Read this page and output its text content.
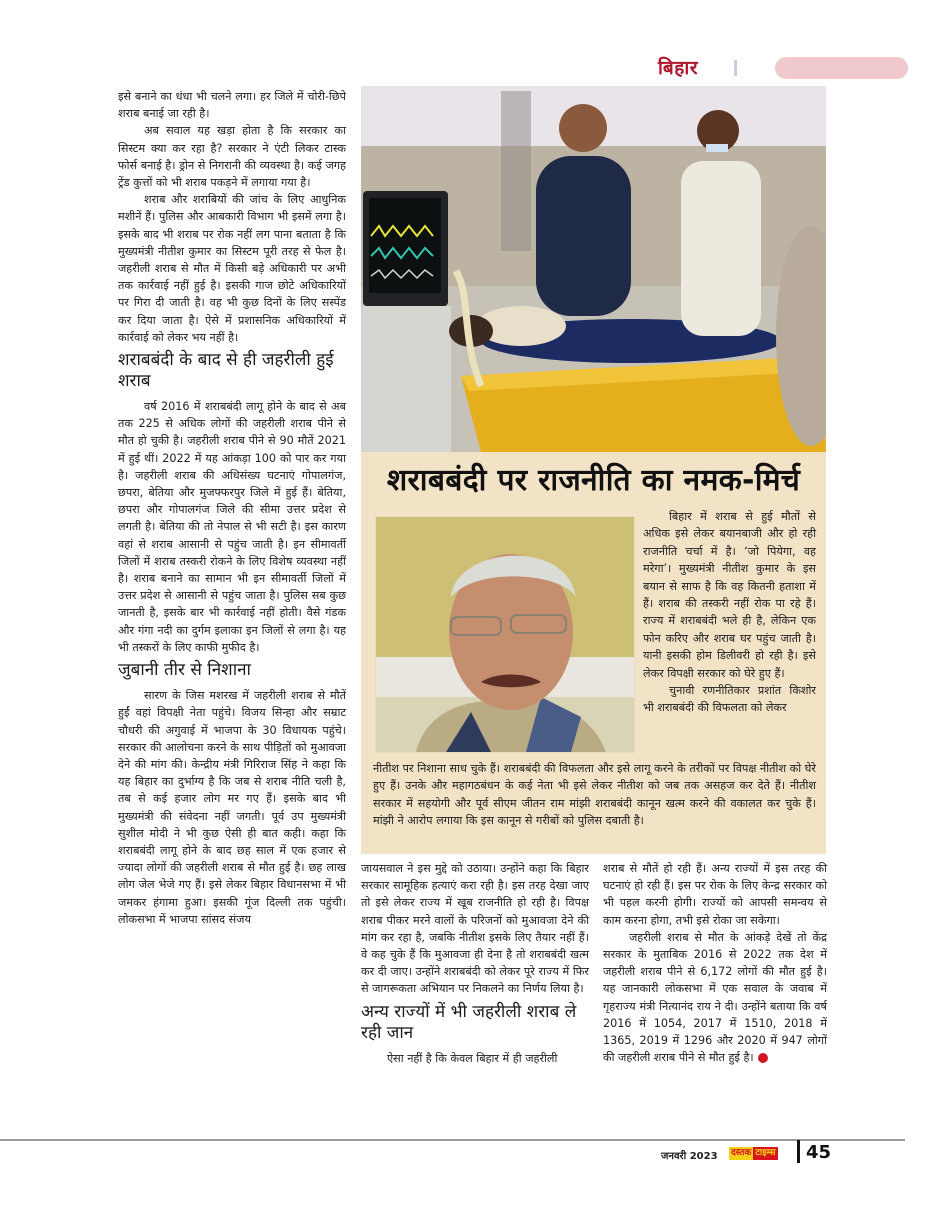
बिहार

इसे बनाने का धंधा भी चलने लगा। हर जिले में चोरी-छिपे शराब बनाई जा रही है।

अब सवाल यह खड़ा होता है कि सरकार का सिस्टम क्या कर रहा है? सरकार ने एंटी लिकर टास्क फोर्स बनाई है। ड्रोन से निगरानी की व्यवस्था है। कई जगह ट्रेंड कुत्तों को भी शराब पकड़ने में लगाया गया है।

शराब और शराबियों की जांच के लिए आधुनिक मशीनें हैं। पुलिस और आबकारी विभाग भी इसमें लगा है। इसके बाद भी शराब पर रोक नहीं लग पाना बताता है कि मुख्यमंत्री नीतीश कुमार का सिस्टम पूरी तरह से फेल है। जहरीली शराब से मौत में किसी बड़े अधिकारी पर अभी तक कार्रवाई नहीं हुई है। इसकी गाज छोटे अधिकारियों पर गिरा दी जाती है। वह भी कुछ दिनों के लिए सस्पेंड कर दिया जाता है। ऐसे में प्रशासनिक अधिकारियों में कार्रवाई को लेकर भय नहीं है।

शराबबंदी के बाद से ही जहरीली हुई शराब

वर्ष 2016 में शराबबंदी लागू होने के बाद से अब तक 225 से अधिक लोगों की जहरीली शराब पीने से मौत हो चुकी है। जहरीली शराब पीने से 90 मौतें 2021 में हुई थीं। 2022 में यह आंकड़ा 100 को पार कर गया है। जहरीली शराब की अधिसंख्य घटनाएं गोपालगंज, छपरा, बेतिया और मुजफ्फरपुर जिले में हुई हैं। बेतिया, छपरा और गोपालगंज जिले की सीमा उत्तर प्रदेश से लगती है। बेतिया की तो नेपाल से भी सटी है। इस कारण वहां से शराब आसानी से पहुंच जाती है। इन सीमावर्ती जिलों में शराब तस्करी रोकने के लिए विशेष व्यवस्था नहीं है। शराब बनाने का सामान भी इन सीमावर्ती जिलों में उत्तर प्रदेश से आसानी से पहुंच जाता है। पुलिस सब कुछ जानती है, इसके बार भी कार्रवाई नहीं होती। वैसे गंडक और गंगा नदी का दुर्गम इलाका इन जिलों से लगा है। यह भी तस्करों के लिए काफी मुफीद है।

जुबानी तीर से निशाना

सारण के जिस मशरख में जहरीली शराब से मौतें हुईं वहां विपक्षी नेता पहुंचे। विजय सिन्हा और सम्राट चौधरी की अगुवाई में भाजपा के 30 विधायक पहुंचे। सरकार की आलोचना करने के साथ पीड़ितों को मुआवजा देने की मांग की। केन्द्रीय मंत्री गिरिराज सिंह ने कहा कि यह बिहार का दुर्भाग्य है कि जब से शराब नीति चली है, तब से कई हजार लोग मर गए हैं। इसके बाद भी मुख्यमंत्री की संवेदना नहीं जगती। पूर्व उप मुख्यमंत्री सुशील मोदी ने भी कुछ ऐसी ही बात कही। कहा कि शराबबंदी लागू होने के बाद छह साल में एक हजार से ज्यादा लोगों की जहरीली शराब से मौत हुई है। छह लाख लोग जेल भेजे गए हैं। इसे लेकर बिहार विधानसभा में भी जमकर हंगामा हुआ। इसकी गूंज दिल्ली तक पहुंची। लोकसभा में भाजपा सांसद संजय

शराबबंदी पर राजनीति का नमक-मिर्च

बिहार में शराब से हुई मौतों से अधिक इसे लेकर बयानबाजी और हो रही राजनीति चर्चा में है। ‘जो पियेगा, वह मरेगा’। मुख्यमंत्री नीतीश कुमार के इस बयान से साफ है कि वह कितनी हताशा में हैं। शराब की तस्करी नहीं रोक पा रहे हैं। राज्य में शराबबंदी भले ही है, लेकिन एक फोन करिए और शराब घर पहुंच जाती है। यानी इसकी होम डिलीवरी हो रही है। इसे लेकर विपक्षी सरकार को घेरे हुए हैं।

चुनावी रणनीतिकार प्रशांत किशोर भी शराबबंदी की विफलता को लेकर

नीतीश पर निशाना साध चुके हैं। शराबबंदी की विफलता और इसे लागू करने के तरीकों पर विपक्ष नीतीश को घेरे हुए हैं। उनके और महागठबंधन के कई नेता भी इसे लेकर नीतीश को जब तक असहज कर देते हैं। नीतीश सरकार में सहयोगी और पूर्व सीएम जीतन राम मांझी शराबबंदी कानून खत्म करने की वकालत कर चुके हैं। मांझी ने आरोप लगाया कि इस कानून से गरीबों को पुलिस दबाती है।

जायसवाल ने इस मुद्दे को उठाया। उन्होंने कहा कि बिहार सरकार सामूहिक हत्याएं करा रही है। इस तरह देखा जाए तो इसे लेकर राज्य में खूब राजनीति हो रही है। विपक्ष शराब पीकर मरने वालों के परिजनों को मुआवजा देने की मांग कर रहा है, जबकि नीतीश इसके लिए तैयार नहीं हैं। वे कह चुके हैं कि मुआवजा ही देना है तो शराबबंदी खत्म कर दी जाए। उन्होंने शराबबंदी को लेकर पूरे राज्य में फिर से जागरूकता अभियान पर निकलने का निर्णय लिया है।

अन्य राज्यों में भी जहरीली शराब ले रही जान

ऐसा नहीं है कि केवल बिहार में ही जहरीली

शराब से मौतें हो रही हैं। अन्य राज्यों में इस तरह की घटनाएं हो रही हैं। इस पर रोक के लिए केन्द्र सरकार को भी पहल करनी होगी। राज्यों को आपसी समन्वय से काम करना होगा, तभी इसे रोका जा सकेगा।

जहरीली शराब से मौत के आंकड़े देखें तो केंद्र सरकार के मुताबिक 2016 से 2022 तक देश में जहरीली शराब पीने से 6,172 लोगों की मौत हुई है। यह जानकारी लोकसभा में एक सवाल के जवाब में गृहराज्य मंत्री नित्यानंद राय ने दी। उन्होंने बताया कि वर्ष 2016 में 1054, 2017 में 1510, 2018 में 1365, 2019 में 1296 और 2020 में 947 लोगों की जहरीली शराब पीने से मौत हुई है।

जनवरी 2023 दस्तक टाइम्स 45
